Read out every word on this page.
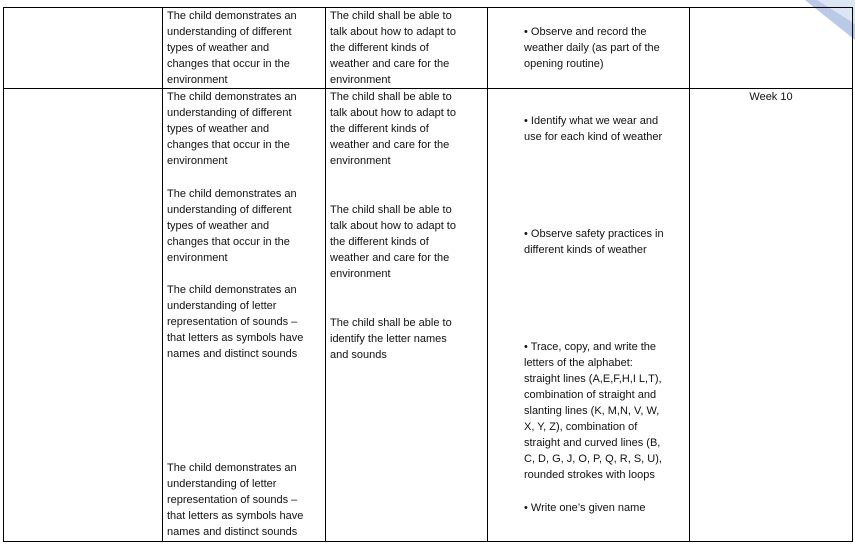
The child demonstrates an
understanding of different
types of weather and
changes that occur in the
environment
The child shall be able to
talk about how to adapt to
the different kinds of
weather and care for the
environment
• Observe and record the
weather daily (as part of the
opening routine)
Week 10
The child demonstrates an
understanding of different
types of weather and
changes that occur in the
environment
The child shall be able to
talk about how to adapt to
the different kinds of
weather and care for the
environment
• Identify what we wear and
use for each kind of weather
The child demonstrates an
understanding of different
types of weather and
changes that occur in the
environment
The child shall be able to
talk about how to adapt to
the different kinds of
weather and care for the
environment
• Observe safety practices in
different kinds of weather
The child demonstrates an
understanding of letter
representation of sounds –
that letters as symbols have
names and distinct sounds
The child shall be able to
identify the letter names
and sounds
• Trace, copy, and write the
letters of the alphabet:
straight lines (A,E,F,H,I L,T),
combination of straight and
slanting lines (K, M,N, V, W,
X, Y, Z), combination of
straight and curved lines (B,
C, D, G, J, O, P, Q, R, S, U),
rounded strokes with loops
The child demonstrates an
understanding of letter
representation of sounds –
that letters as symbols have
names and distinct sounds
• Write one’s given name
